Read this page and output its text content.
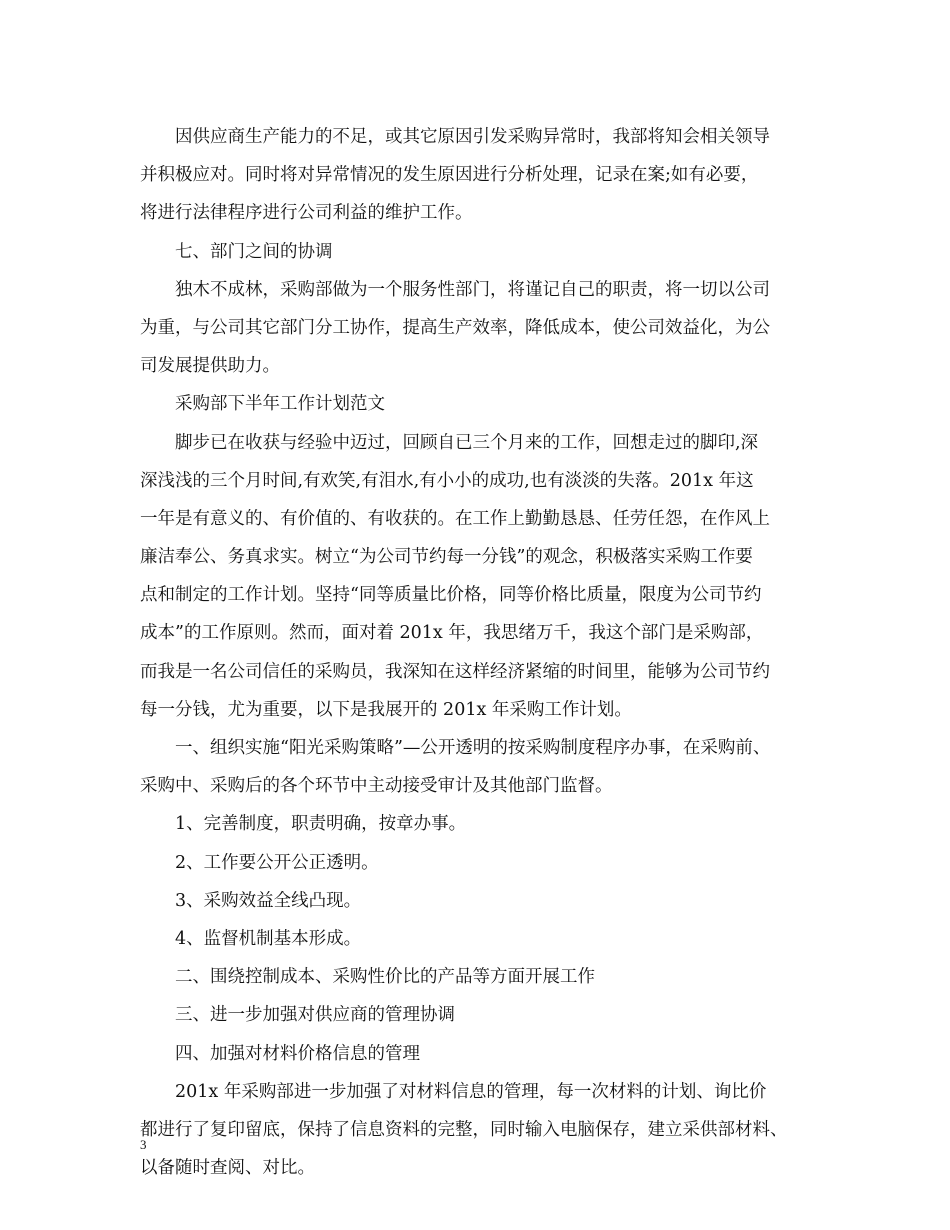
因供应商生产能力的不足，或其它原因引发采购异常时，我部将知会相关领导
并积极应对。同时将对异常情况的发生原因进行分析处理，记录在案;如有必要，
将进行法律程序进行公司利益的维护工作。
七、部门之间的协调
独木不成林，采购部做为一个服务性部门，将谨记自己的职责，将一切以公司
为重，与公司其它部门分工协作，提高生产效率，降低成本，使公司效益化，为公
司发展提供助力。
采购部下半年工作计划范文
脚步已在收获与经验中迈过，回顾自已三个月来的工作，回想走过的脚印,深
深浅浅的三个月时间,有欢笑,有泪水,有小小的成功,也有淡淡的失落。201x 年这
一年是有意义的、有价值的、有收获的。在工作上勤勤恳恳、任劳任怨，在作风上
廉洁奉公、务真求实。树立“为公司节约每一分钱”的观念，积极落实采购工作要
点和制定的工作计划。坚持“同等质量比价格，同等价格比质量，限度为公司节约
成本”的工作原则。然而，面对着 201x 年，我思绪万千，我这个部门是采购部，
而我是一名公司信任的采购员，我深知在这样经济紧缩的时间里，能够为公司节约
每一分钱，尤为重要，以下是我展开的 201x 年采购工作计划。
一、组织实施“阳光采购策略”—公开透明的按采购制度程序办事，在采购前、
采购中、采购后的各个环节中主动接受审计及其他部门监督。
1、完善制度，职责明确，按章办事。
2、工作要公开公正透明。
3、采购效益全线凸现。
4、监督机制基本形成。
二、围绕控制成本、采购性价比的产品等方面开展工作
三、进一步加强对供应商的管理协调
四、加强对材料价格信息的管理
201x 年采购部进一步加强了对材料信息的管理，每一次材料的计划、询比价
都进行了复印留底，保持了信息资料的完整，同时输入电脑保存，建立采供部材料、
以备随时查阅、对比。
3
